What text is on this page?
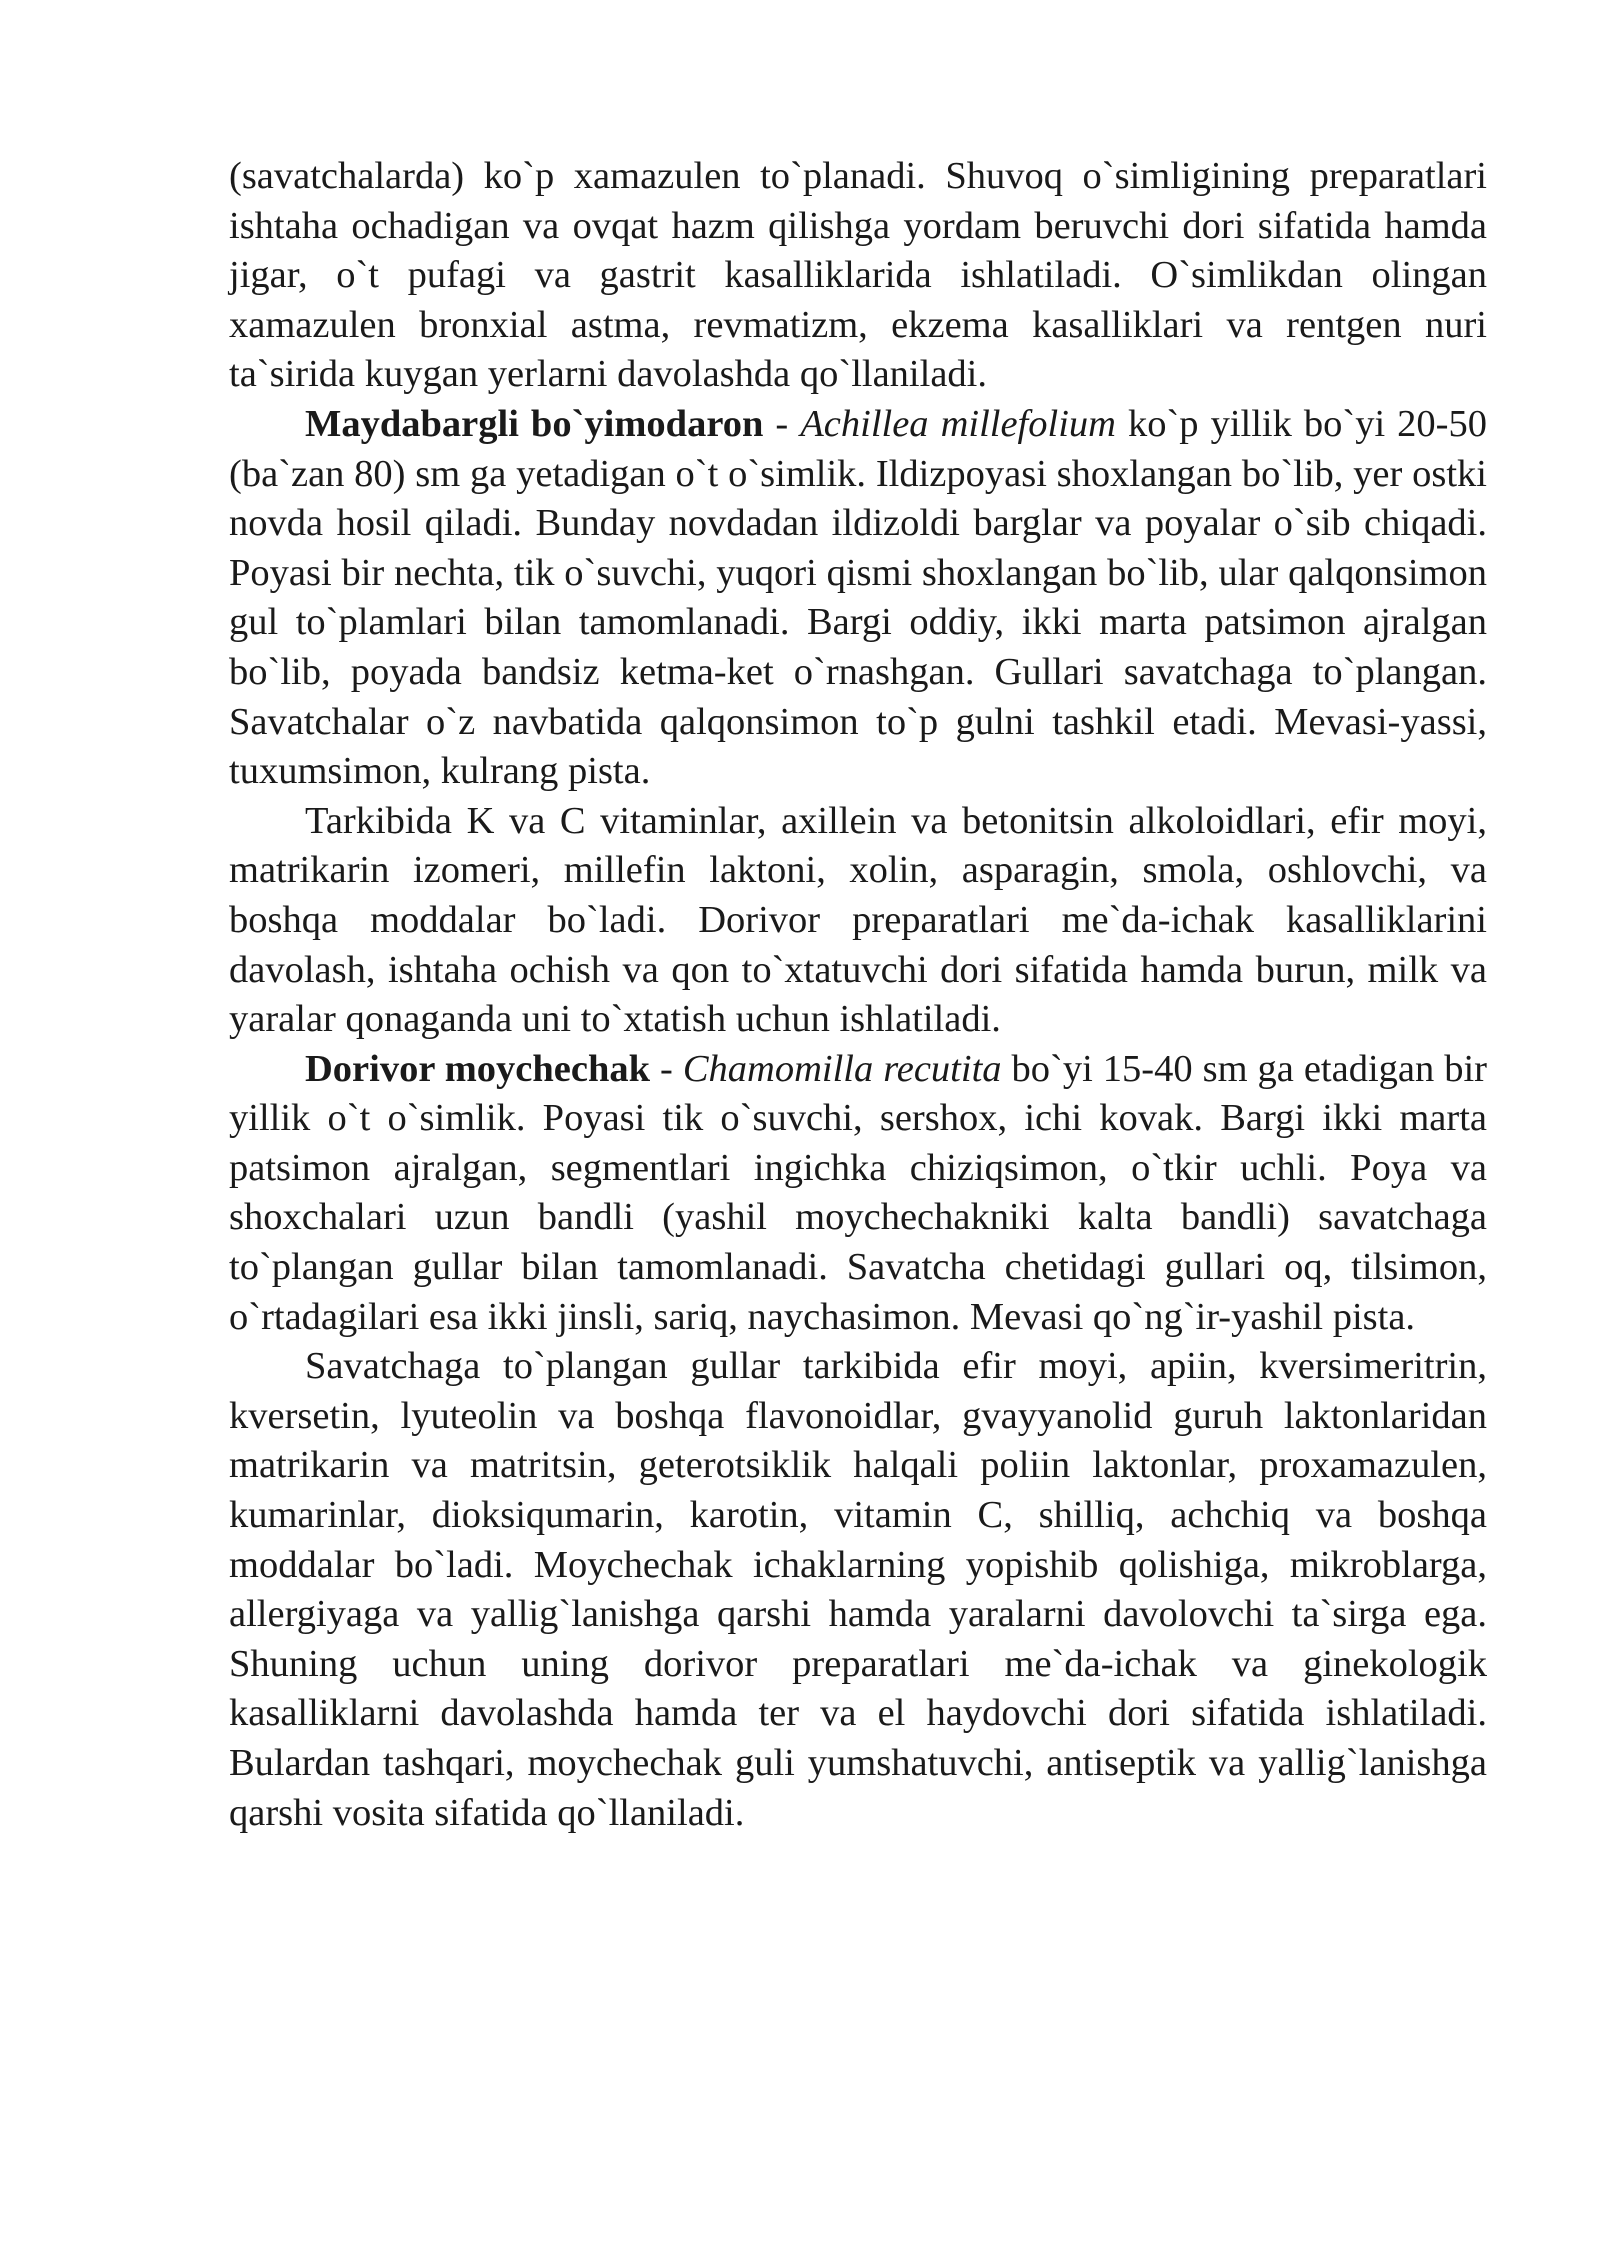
(savatchalarda) ko`p xamazulen to`planadi. Shuvoq o`simligining preparatlari ishtaha ochadigan va ovqat hazm qilishga yordam beruvchi dori sifatida hamda jigar, o`t pufagi va gastrit kasalliklarida ishlatiladi. O`simlikdan olingan xamazulen bronxial astma, revmatizm, ekzema kasalliklari va rentgen nuri ta`sirida kuygan yerlarni davolashda qo`llaniladi.

Maydabargli bo`yimodaron - Achillea millefolium ko`p yillik bo`yi 20-50 (ba`zan 80) sm ga yetadigan o`t o`simlik. Ildizpoyasi shoxlangan bo`lib, yer ostki novda hosil qiladi. Bunday novdadan ildizoldi barglar va poyalar o`sib chiqadi. Poyasi bir nechta, tik o`suvchi, yuqori qismi shoxlangan bo`lib, ular qalqonsimon gul to`plamlari bilan tamomlanadi. Bargi oddiy, ikki marta patsimon ajralgan bo`lib, poyada bandsiz ketma-ket o`rnashgan. Gullari savatchaga to`plangan. Savatchalar o`z navbatida qalqonsimon to`p gulni tashkil etadi. Mevasi-yassi, tuxumsimon, kulrang pista.

Tarkibida K va C vitaminlar, axillein va betonitsin alkoloidlari, efir moyi, matrikarin izomeri, millefin laktoni, xolin, asparagin, smola, oshlovchi, va boshqa moddalar bo`ladi. Dorivor preparatlari me`da-ichak kasalliklarini davolash, ishtaha ochish va qon to`xtatuvchi dori sifatida hamda burun, milk va yaralar qonaganda uni to`xtatish uchun ishlatiladi.

Dorivor moychechak - Chamomilla recutita bo`yi 15-40 sm ga etadigan bir yillik o`t o`simlik. Poyasi tik o`suvchi, sershox, ichi kovak. Bargi ikki marta patsimon ajralgan, segmentlari ingichka chiziqsimon, o`tkir uchli. Poya va shoxchalari uzun bandli (yashil moychechakniki kalta bandli) savatchaga to`plangan gullar bilan tamomlanadi. Savatcha chetidagi gullari oq, tilsimon, o`rtadagilari esa ikki jinsli, sariq, naychasimon. Mevasi qo`ng`ir-yashil pista.

Savatchaga to`plangan gullar tarkibida efir moyi, apiin, kversimeritrin, kversetin, lyuteolin va boshqa flavonoidlar, gvayyanolid guruh laktonlaridan matrikarin va matritsin, geterotsiklik halqali poliin laktonlar, proxamazulen, kumarinlar, dioksiqumarin, karotin, vitamin C, shilliq, achchiq va boshqa moddalar bo`ladi. Moychechak ichaklarning yopishib qolishiga, mikroblarga, allergiyaga va yallig`lanishga qarshi hamda yaralarni davolovchi ta`sirga ega. Shuning uchun uning dorivor preparatlari me`da-ichak va ginekologik kasalliklarni davolashda hamda ter va el haydovchi dori sifatida ishlatiladi. Bulardan tashqari, moychechak guli yumshatuvchi, antiseptik va yallig`lanishga qarshi vosita sifatida qo`llaniladi.
